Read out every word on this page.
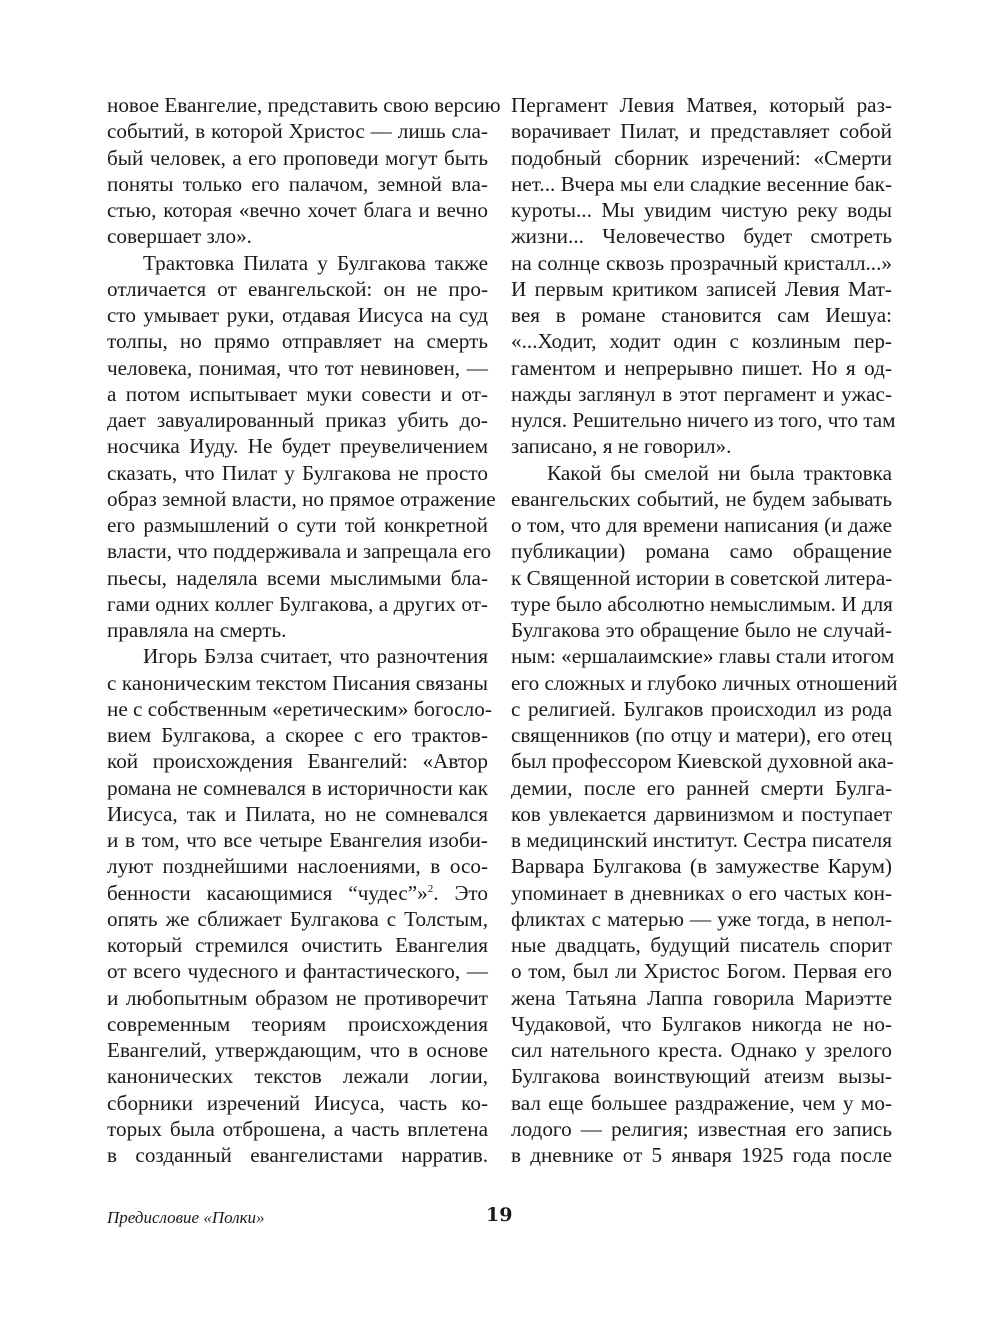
новое Евангелие, представить свою версию
событий, в которой Христос — лишь сла-
бый человек, а его проповеди могут быть
поняты только его палачом, земной вла-
стью, которая «вечно хочет блага и вечно
совершает зло».
Трактовка Пилата у Булгакова также
отличается от евангельской: он не про-
сто умывает руки, отдавая Иисуса на суд
толпы, но прямо отправляет на смерть
человека, понимая, что тот невиновен, —
а потом испытывает муки совести и от-
дает завуалированный приказ убить до-
носчика Иуду. Не будет преувеличением
сказать, что Пилат у Булгакова не просто
образ земной власти, но прямое отражение
его размышлений о сути той конкретной
власти, что поддерживала и запрещала его
пьесы, наделяла всеми мыслимыми бла-
гами одних коллег Булгакова, а других от-
правляла на смерть.
Игорь Бэлза считает, что разночтения
с каноническим текстом Писания связаны
не с собственным «еретическим» богосло-
вием Булгакова, а скорее с его трактов-
кой происхождения Евангелий: «Автор
романа не сомневался в историчности как
Иисуса, так и Пилата, но не сомневался
и в том, что все четыре Евангелия изоби-
луют позднейшими наслоениями, в осо-
бенности касающимися “чудес”»$^2$. Это
опять же сближает Булгакова с Толстым,
который стремился очистить Евангелия
от всего чудесного и фантастического, —
и любопытным образом не противоречит
современным теориям происхождения
Евангелий, утверждающим, что в основе
канонических текстов лежали логии,
сборники изречений Иисуса, часть ко-
торых была отброшена, а часть вплетена
в созданный евангелистами нарратив.
Пергамент Левия Матвея, который раз-
ворачивает Пилат, и представляет собой
подобный сборник изречений: «Смерти
нет... Вчера мы ели сладкие весенние бак-
куроты... Мы увидим чистую реку воды
жизни... Человечество будет смотреть
на солнце сквозь прозрачный кристалл...»
И первым критиком записей Левия Мат-
вея в романе становится сам Иешуа:
«...Ходит, ходит один с козлиным пер-
гаментом и непрерывно пишет. Но я од-
нажды заглянул в этот пергамент и ужас-
нулся. Решительно ничего из того, что там
записано, я не говорил».
Какой бы смелой ни была трактовка
евангельских событий, не будем забывать
о том, что для времени написания (и даже
публикации) романа само обращение
к Священной истории в советской литера-
туре было абсолютно немыслимым. И для
Булгакова это обращение было не случай-
ным: «ершалаимские» главы стали итогом
его сложных и глубоко личных отношений
с религией. Булгаков происходил из рода
священников (по отцу и матери), его отец
был профессором Киевской духовной ака-
демии, после его ранней смерти Булга-
ков увлекается дарвинизмом и поступает
в медицинский институт. Сестра писателя
Варвара Булгакова (в замужестве Карум)
упоминает в дневниках о его частых кон-
фликтах с матерью — уже тогда, в непол-
ные двадцать, будущий писатель спорит
о том, был ли Христос Богом. Первая его
жена Татьяна Лаппа говорила Мариэтте
Чудаковой, что Булгаков никогда не но-
сил нательного креста. Однако у зрелого
Булгакова воинствующий атеизм вызы-
вал еще большее раздражение, чем у мо-
лодого — религия; известная его запись
в дневнике от 5 января 1925 года после
Предисловие «Полки»	19
